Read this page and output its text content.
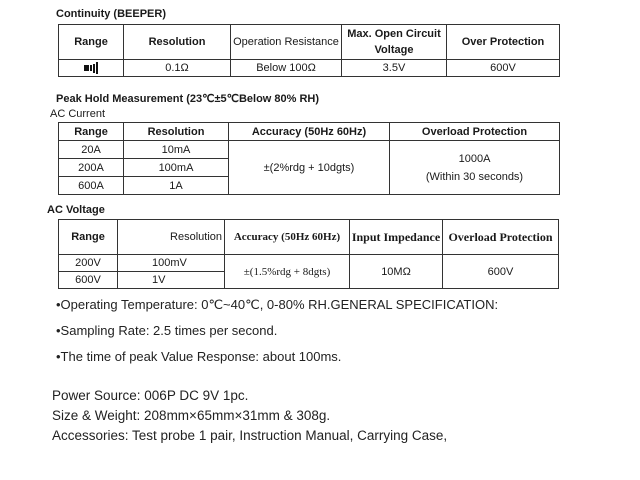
Continuity (BEEPER)
Range	Resolution	Operation Resistance	Max. Open Circuit Voltage	Over Protection

	0.1Ω	Below 100Ω	3.5V	600V
Peak Hold Measurement (23℃±5℃Below 80% RH)
AC Current
Range	Resolution	Accuracy (50Hz 60Hz)	Overload Protection
20A	10mA	±(2%rdg + 10dgts)	1000A
(Within 30 seconds)

200A	100mA		
600A	1A		
AC Voltage
Range	Resolution	Accuracy (50Hz 60Hz)	Input Impedance	Overload Protection
200V	100mV	±(1.5%rdg + 8dgts)	10MΩ	600V
600V	1V			
•Operating Temperature: 0℃~40℃, 0-80% RH.GENERAL SPECIFICATION:
•Sampling Rate: 2.5 times per second.
•The time of peak Value Response: about 100ms.
Power Source: 006P DC 9V 1pc.
Size & Weight: 208mm×65mm×31mm & 308g.
Accessories: Test probe 1 pair, Instruction Manual, Carrying Case,
